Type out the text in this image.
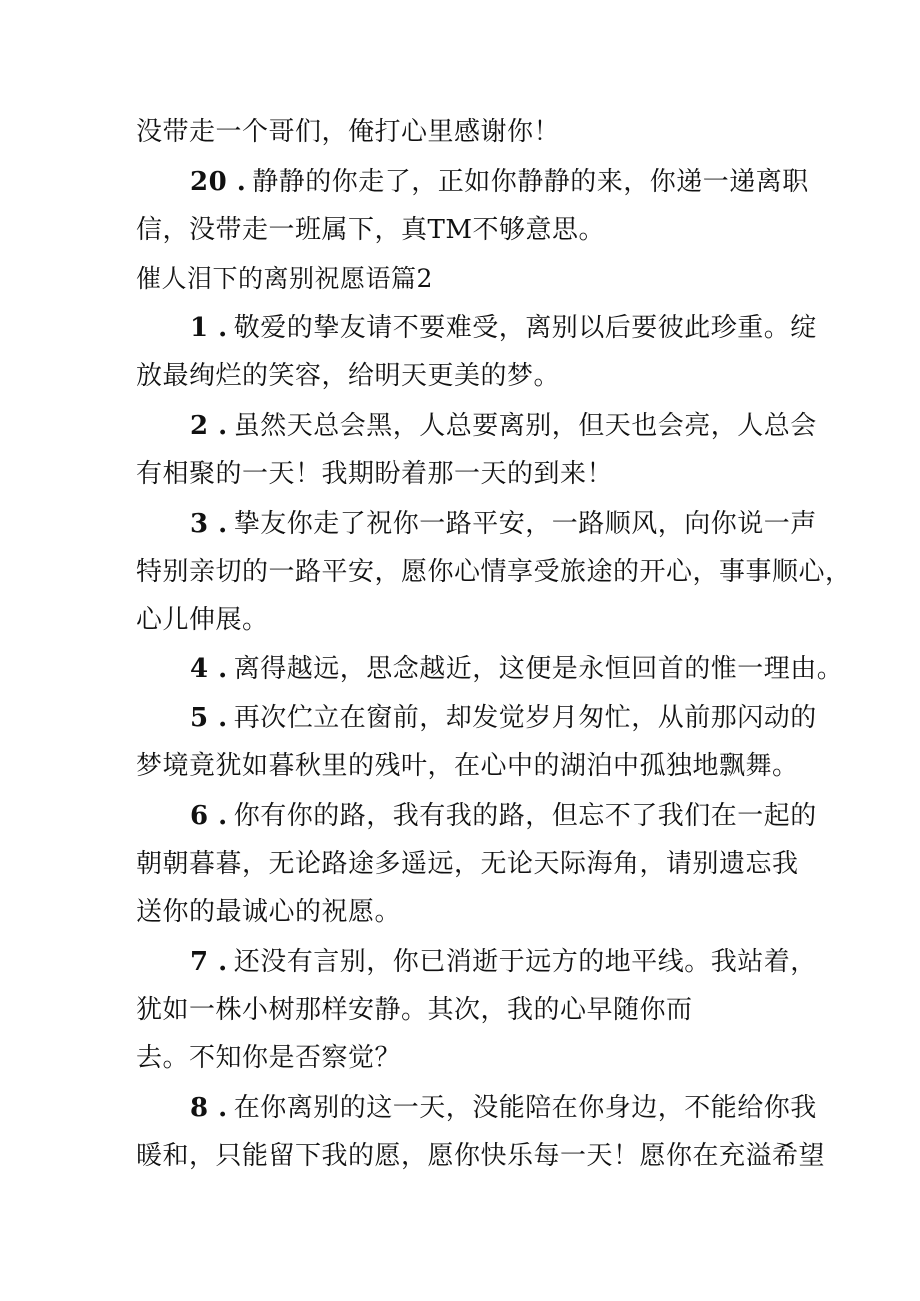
没带走一个哥们，俺打心里感谢你！
20 . 静静的你走了，正如你静静的来，你递一递离职
信，没带走一班属下，真TM不够意思。
催人泪下的离别祝愿语篇2
1 . 敬爱的挚友请不要难受，离别以后要彼此珍重。绽
放最绚烂的笑容，给明天更美的梦。
2 . 虽然天总会黑，人总要离别，但天也会亮，人总会
有相聚的一天！我期盼着那一天的到来！
3 . 挚友你走了祝你一路平安，一路顺风，向你说一声
特别亲切的一路平安，愿你心情享受旅途的开心，事事顺心，
心儿伸展。
4 . 离得越远，思念越近，这便是永恒回首的惟一理由。
5 . 再次伫立在窗前，却发觉岁月匆忙，从前那闪动的
梦境竟犹如暮秋里的残叶，在心中的湖泊中孤独地飘舞。
6 . 你有你的路，我有我的路，但忘不了我们在一起的
朝朝暮暮，无论路途多遥远，无论天际海角，请别遗忘我
送你的最诚心的祝愿。
7 . 还没有言别，你已消逝于远方的地平线。我站着，
犹如一株小树那样安静。其次，我的心早随你而
去。不知你是否察觉？
8 . 在你离别的这一天，没能陪在你身边，不能给你我
暖和，只能留下我的愿，愿你快乐每一天！愿你在充溢希望
